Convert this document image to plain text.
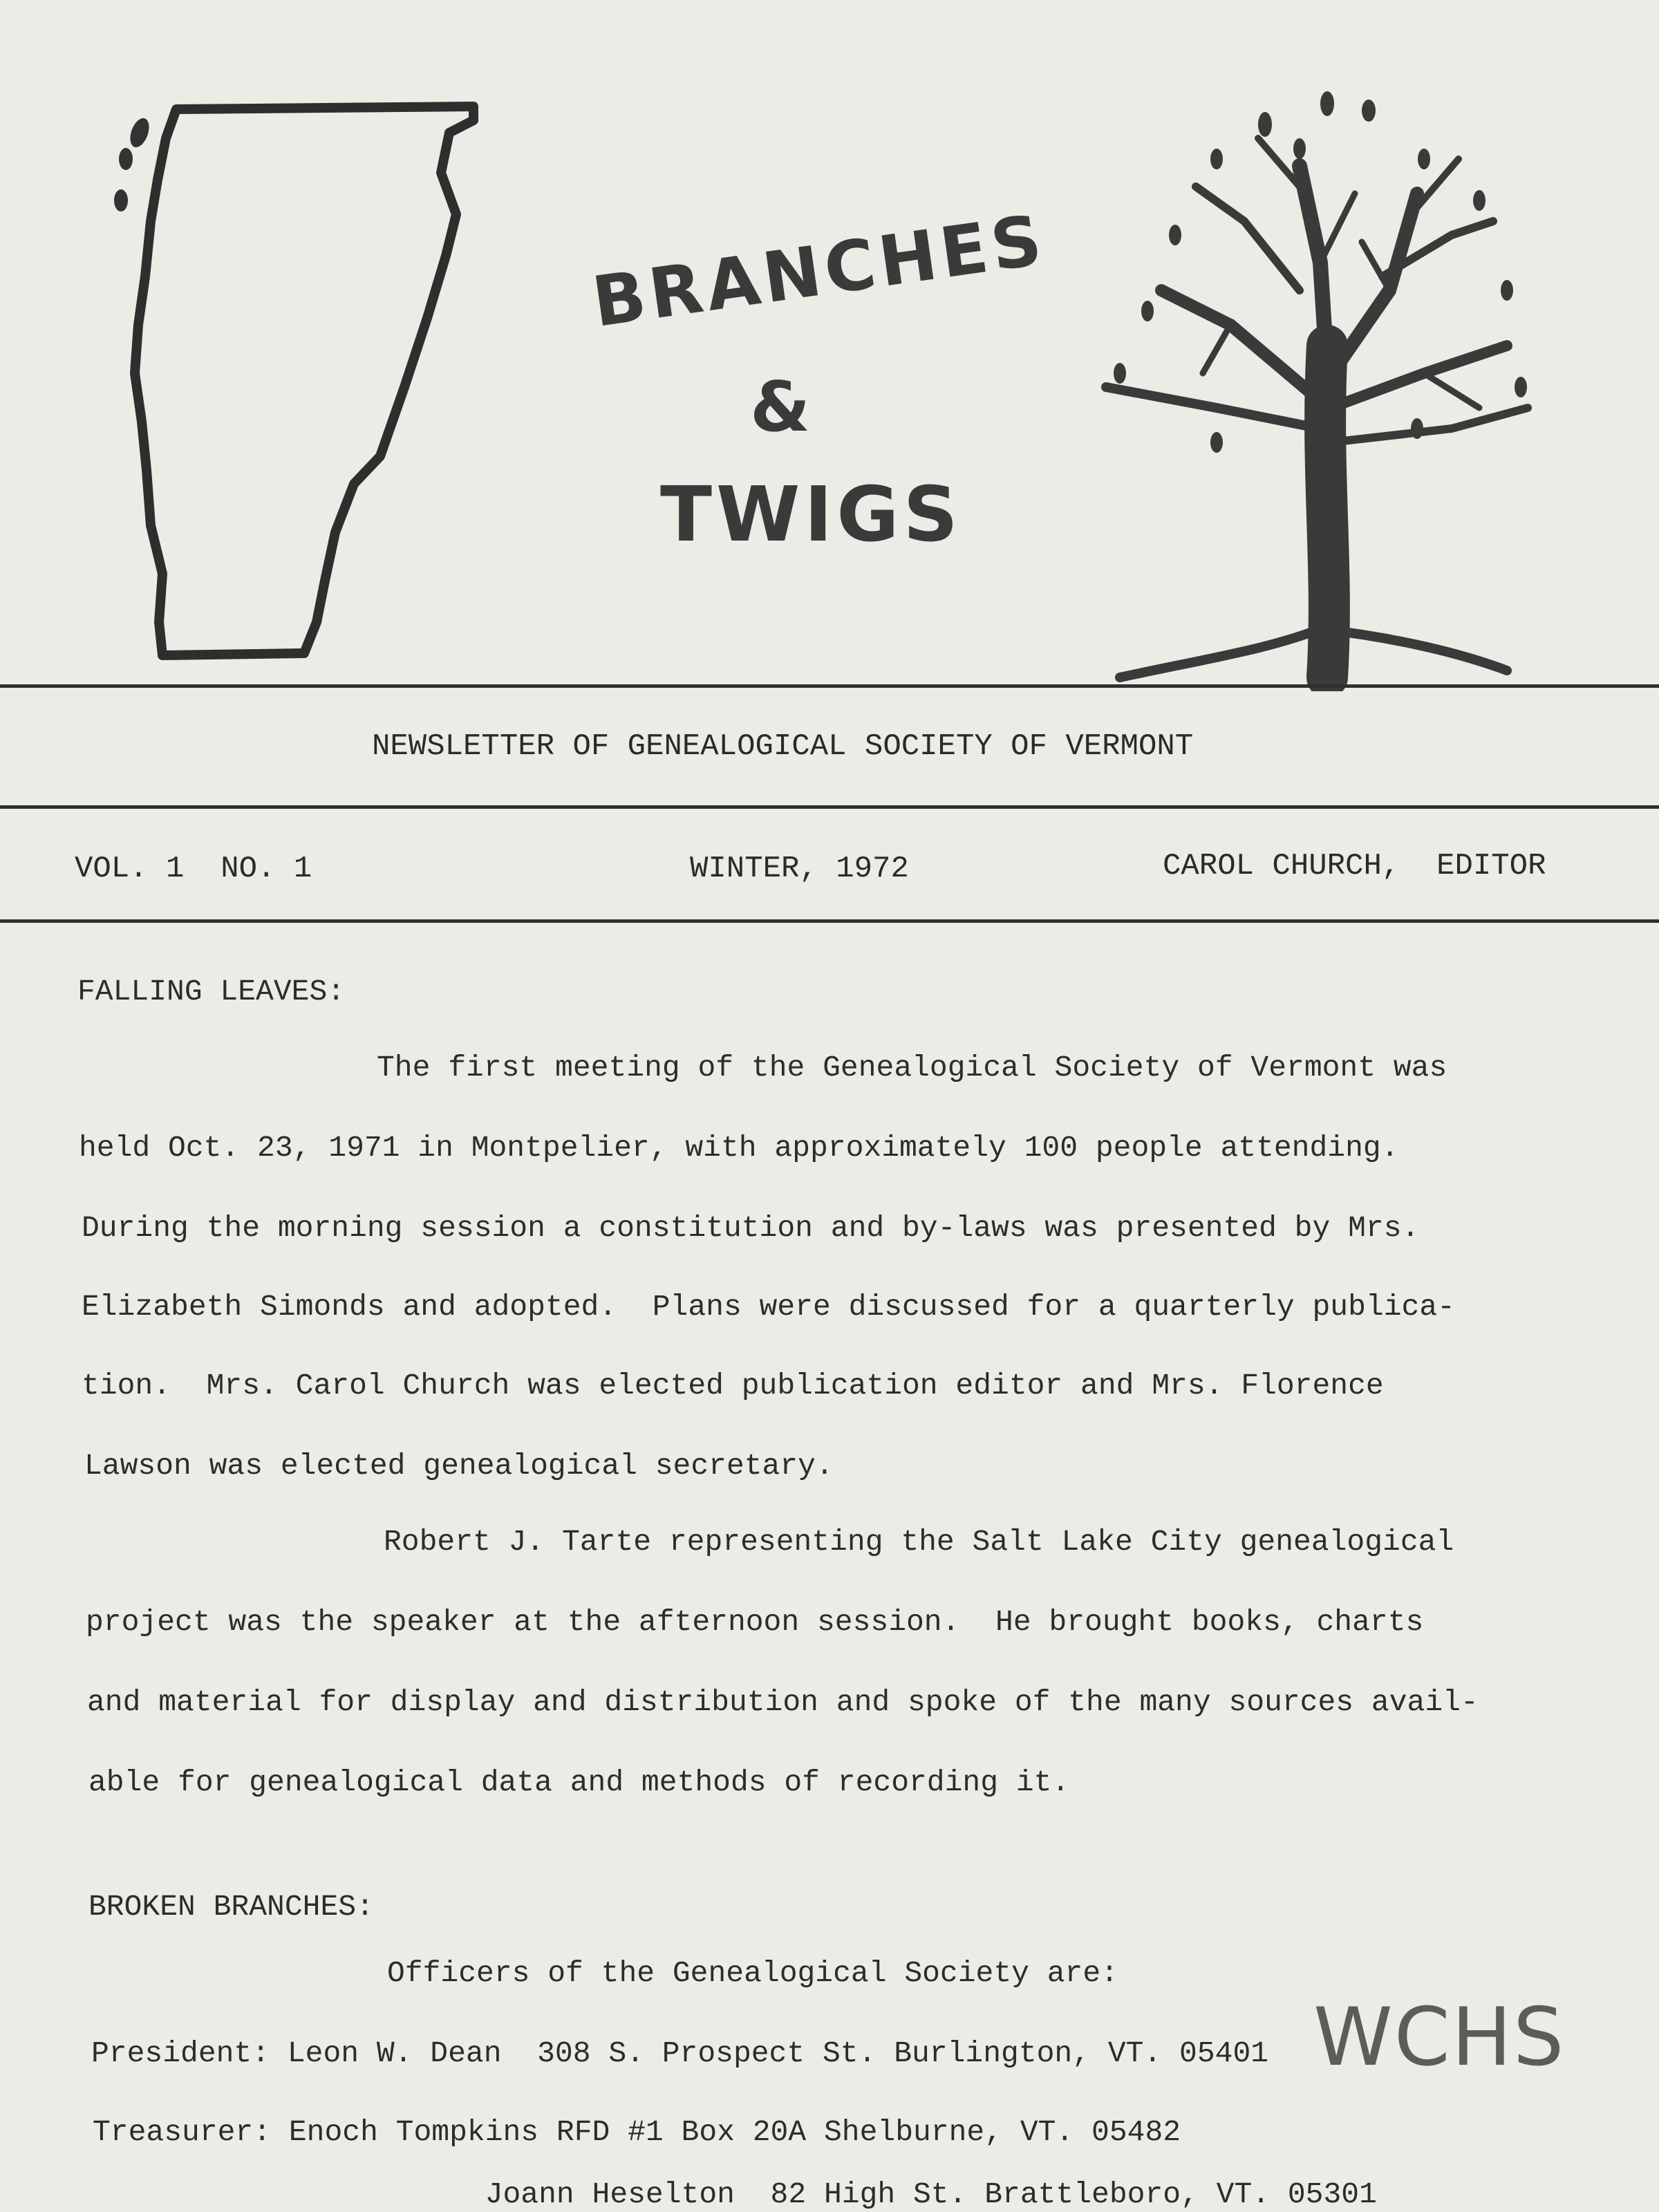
BRANCHES
&
TWIGS
NEWSLETTER OF GENEALOGICAL SOCIETY OF VERMONT
VOL. 1  NO. 1	WINTER, 1972	CAROL CHURCH,  EDITOR
FALLING LEAVES:
The first meeting of the Genealogical Society of Vermont was
held Oct. 23, 1971 in Montpelier, with approximately 100 people attending.
During the morning session a constitution and by-laws was presented by Mrs.
Elizabeth Simonds and adopted.  Plans were discussed for a quarterly publica-
tion.  Mrs. Carol Church was elected publication editor and Mrs. Florence
Lawson was elected genealogical secretary.
Robert J. Tarte representing the Salt Lake City genealogical
project was the speaker at the afternoon session.  He brought books, charts
and material for display and distribution and spoke of the many sources avail-
able for genealogical data and methods of recording it.
BROKEN BRANCHES:
Officers of the Genealogical Society are:
President: Leon W. Dean  308 S. Prospect St. Burlington, VT. 05401
Treasurer: Enoch Tompkins RFD #1 Box 20A Shelburne, VT. 05482
Joann Heselton  82 High St. Brattleboro, VT. 05301
WCHS
